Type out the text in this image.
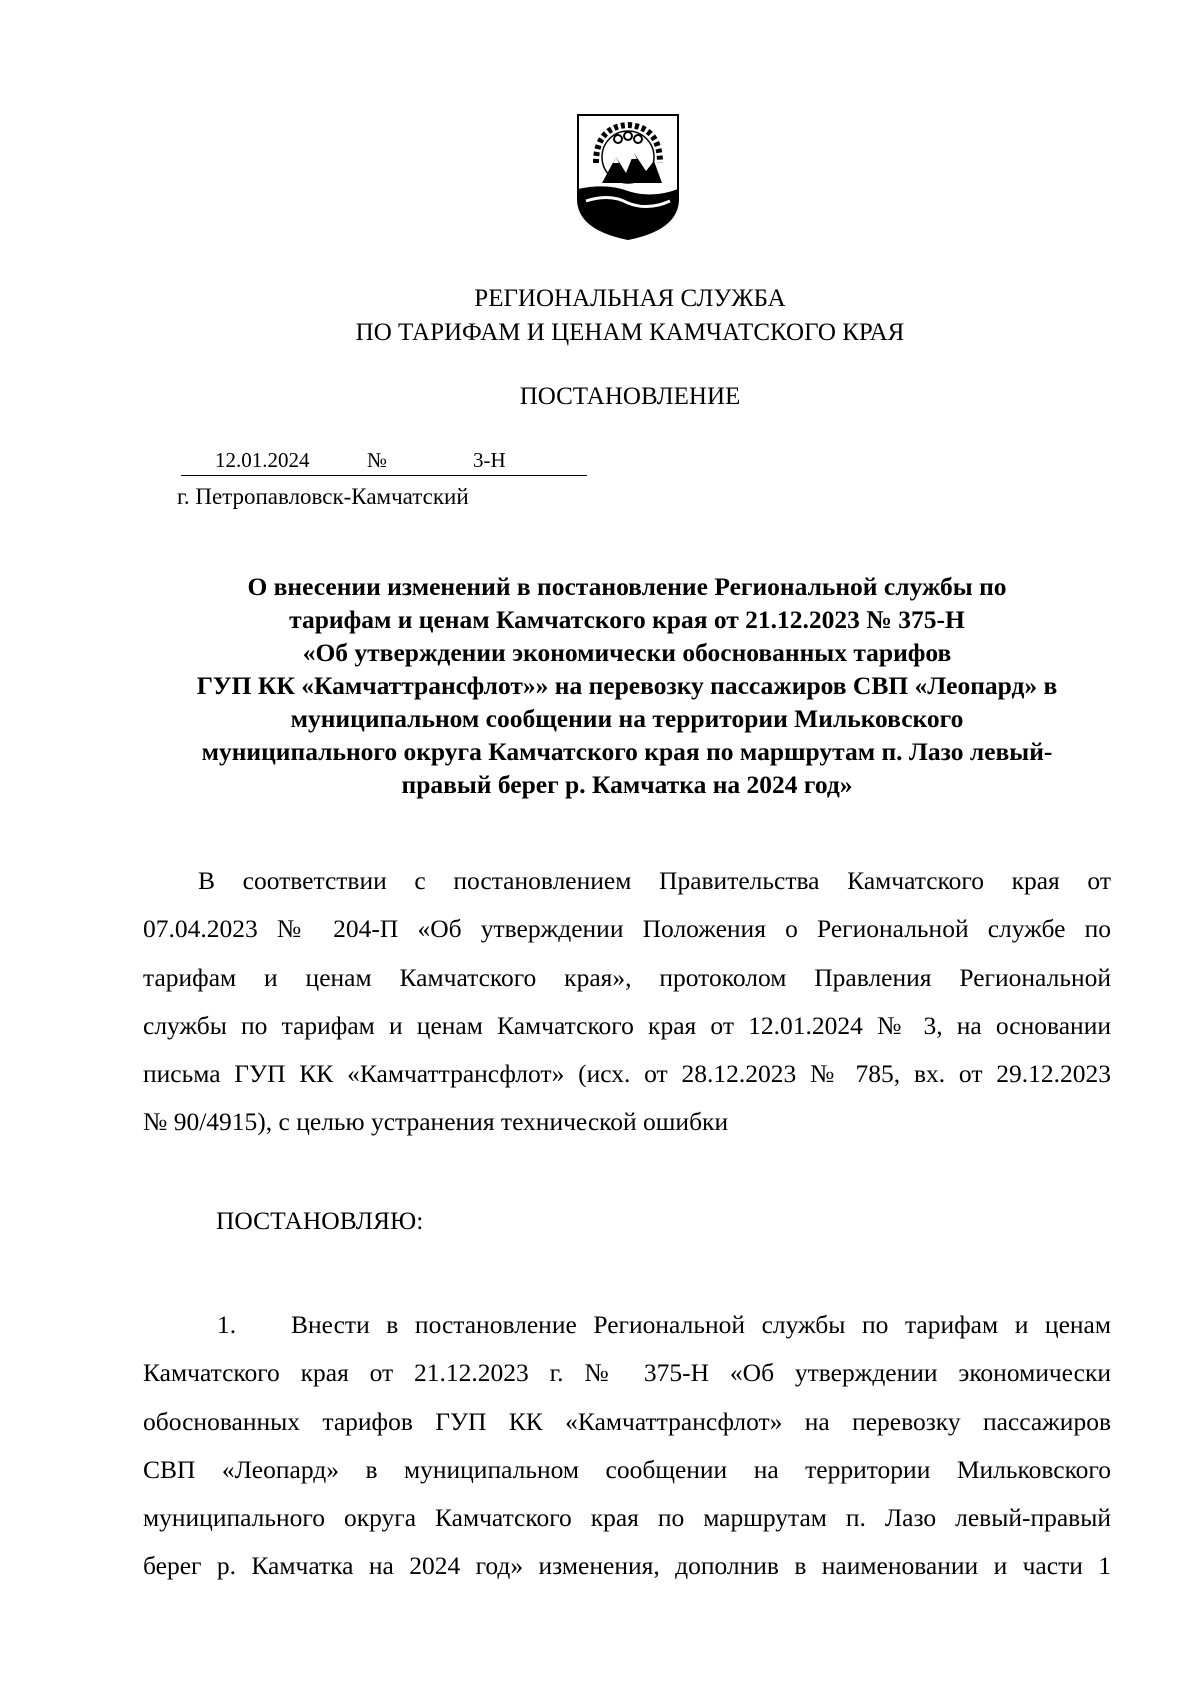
РЕГИОНАЛЬНАЯ СЛУЖБА
ПО ТАРИФАМ И ЦЕНАМ КАМЧАТСКОГО КРАЯ
ПОСТАНОВЛЕНИЕ
12.01.2024	№	3-Н
г. Петропавловск-Камчатский
О внесении изменений в постановление Региональной службы по
тарифам и ценам Камчатского края от 21.12.2023 № 375-Н
«Об утверждении экономически обоснованных тарифов
ГУП КК «Камчаттрансфлот»» на перевозку пассажиров СВП «Леопард» в
муниципальном сообщении на территории Мильковского
муниципального округа Камчатского края по маршрутам п. Лазо левый-
правый берег р. Камчатка на 2024 год»
В соответствии с постановлением Правительства Камчатского края от
07.04.2023 № 204-П «Об утверждении Положения о Региональной службе по
тарифам и ценам Камчатского края», протоколом Правления Региональной
службы по тарифам и ценам Камчатского края от 12.01.2024 № 3, на основании
письма ГУП КК «Камчаттрансфлот» (исх. от 28.12.2023 № 785, вх. от 29.12.2023
№ 90/4915), с целью устранения технической ошибки
ПОСТАНОВЛЯЮ:
1. Внести в постановление Региональной службы по тарифам и ценам
Камчатского края от 21.12.2023 г. № 375-Н «Об утверждении экономически
обоснованных тарифов ГУП КК «Камчаттрансфлот» на перевозку пассажиров
СВП «Леопард» в муниципальном сообщении на территории Мильковского
муниципального округа Камчатского края по маршрутам п. Лазо левый-правый
берег р. Камчатка на 2024 год» изменения, дополнив в наименовании и части 1
